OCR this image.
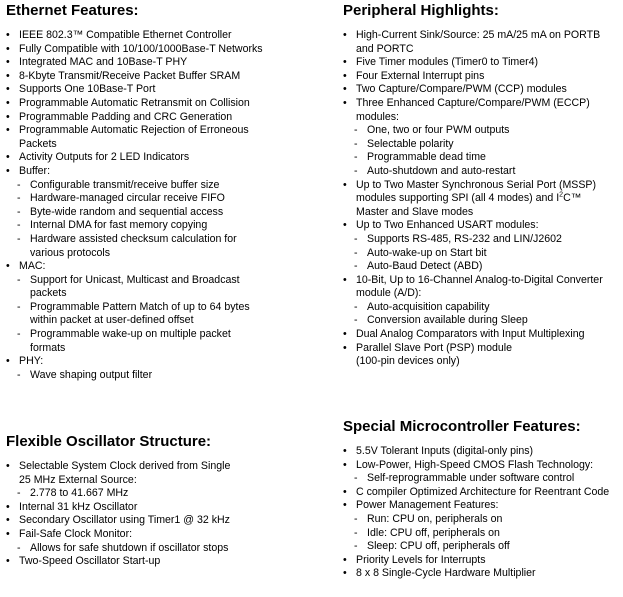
Ethernet Features:
• IEEE 802.3™ Compatible Ethernet Controller
• Fully Compatible with 10/100/1000Base-T Networks
• Integrated MAC and 10Base-T PHY
• 8-Kbyte Transmit/Receive Packet Buffer SRAM
• Supports One 10Base-T Port
• Programmable Automatic Retransmit on Collision
• Programmable Padding and CRC Generation
• Programmable Automatic Rejection of Erroneous
Packets
• Activity Outputs for 2 LED Indicators
• Buffer:
- Configurable transmit/receive buffer size
- Hardware-managed circular receive FIFO
- Byte-wide random and sequential access
- Internal DMA for fast memory copying
- Hardware assisted checksum calculation for
various protocols
• MAC:
- Support for Unicast, Multicast and Broadcast
packets
- Programmable Pattern Match of up to 64 bytes
within packet at user-defined offset
- Programmable wake-up on multiple packet
formats
• PHY:
- Wave shaping output filter
Flexible Oscillator Structure:
• Selectable System Clock derived from Single
25 MHz External Source:
- 2.778 to 41.667 MHz
• Internal 31 kHz Oscillator
• Secondary Oscillator using Timer1 @ 32 kHz
• Fail-Safe Clock Monitor:
- Allows for safe shutdown if oscillator stops
• Two-Speed Oscillator Start-up
Peripheral Highlights:
• High-Current Sink/Source: 25 mA/25 mA on PORTB
and PORTC
• Five Timer modules (Timer0 to Timer4)
• Four External Interrupt pins
• Two Capture/Compare/PWM (CCP) modules
• Three Enhanced Capture/Compare/PWM (ECCP)
modules:
- One, two or four PWM outputs
- Selectable polarity
- Programmable dead time
- Auto-shutdown and auto-restart
• Up to Two Master Synchronous Serial Port (MSSP)
modules supporting SPI (all 4 modes) and $I^2C™$
Master and Slave modes
• Up to Two Enhanced USART modules:
- Supports RS-485, RS-232 and LIN/J2602
- Auto-wake-up on Start bit
- Auto-Baud Detect (ABD)
• 10-Bit, Up to 16-Channel Analog-to-Digital Converter
module (A/D):
- Auto-acquisition capability
- Conversion available during Sleep
• Dual Analog Comparators with Input Multiplexing
• Parallel Slave Port (PSP) module
(100-pin devices only)
Special Microcontroller Features:
• 5.5V Tolerant Inputs (digital-only pins)
• Low-Power, High-Speed CMOS Flash Technology:
- Self-reprogrammable under software control
• C compiler Optimized Architecture for Reentrant Code
• Power Management Features:
- Run: CPU on, peripherals on
- Idle: CPU off, peripherals on
- Sleep: CPU off, peripherals off
• Priority Levels for Interrupts
• 8 x 8 Single-Cycle Hardware Multiplier
